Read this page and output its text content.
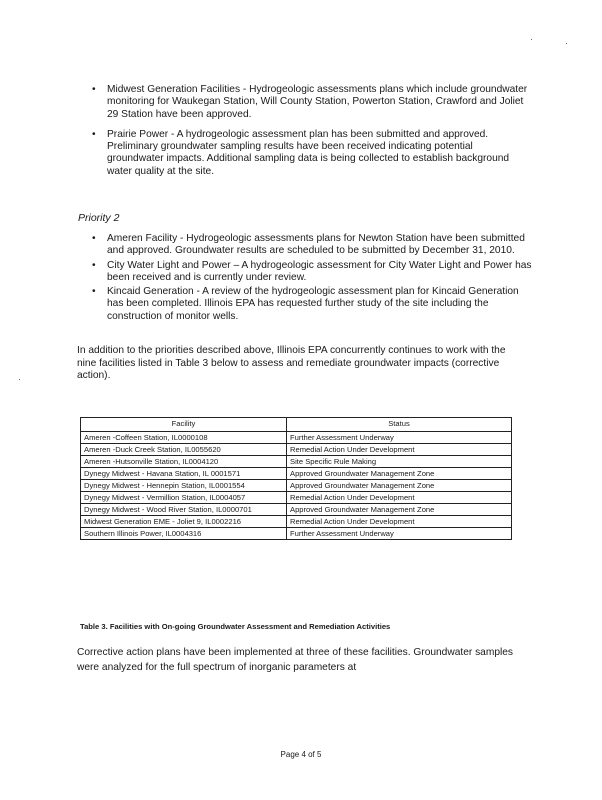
·	·
·
• Midwest Generation Facilities - Hydrogeologic assessments plans which include groundwater monitoring for Waukegan Station, Will County Station, Powerton Station, Crawford and Joliet 29 Station have been approved.
• Prairie Power - A hydrogeologic assessment plan has been submitted and approved. Preliminary groundwater sampling results have been received indicating potential groundwater impacts. Additional sampling data is being collected to establish background water quality at the site.
Priority 2
• Ameren Facility - Hydrogeologic assessments plans for Newton Station have been submitted and approved. Groundwater results are scheduled to be submitted by December 31, 2010.
• City Water Light and Power – A hydrogeologic assessment for City Water Light and Power has been received and is currently under review.
• Kincaid Generation - A review of the hydrogeologic assessment plan for Kincaid Generation has been completed. Illinois EPA has requested further study of the site including the construction of monitor wells.
In addition to the priorities described above, Illinois EPA concurrently continues to work with the nine facilities listed in Table 3 below to assess and remediate groundwater impacts (corrective action).
Facility	Status
Ameren -Coffeen Station, IL0000108	Further Assessment Underway
Ameren -Duck Creek Station, IL0055620	Remedial Action Under Development
Ameren -Hutsonville Station, IL0004120	Site Specific Rule Making
Dynegy Midwest - Havana Station, IL 0001571	Approved Groundwater Management Zone
Dynegy Midwest - Hennepin Station, IL0001554	Approved Groundwater Management Zone
Dynegy Midwest - Vermillion Station, IL0004057	Remedial Action Under Development
Dynegy Midwest - Wood River Station, IL0000701	Approved Groundwater Management Zone
Midwest Generation EME - Joliet 9, IL0002216	Remedial Action Under Development
Southern Illinois Power, IL0004316	Further Assessment Underway
Table 3. Facilities with On-going Groundwater Assessment and Remediation Activities
Corrective action plans have been implemented at three of these facilities. Groundwater samples were analyzed for the full spectrum of inorganic parameters at
Page 4 of 5
